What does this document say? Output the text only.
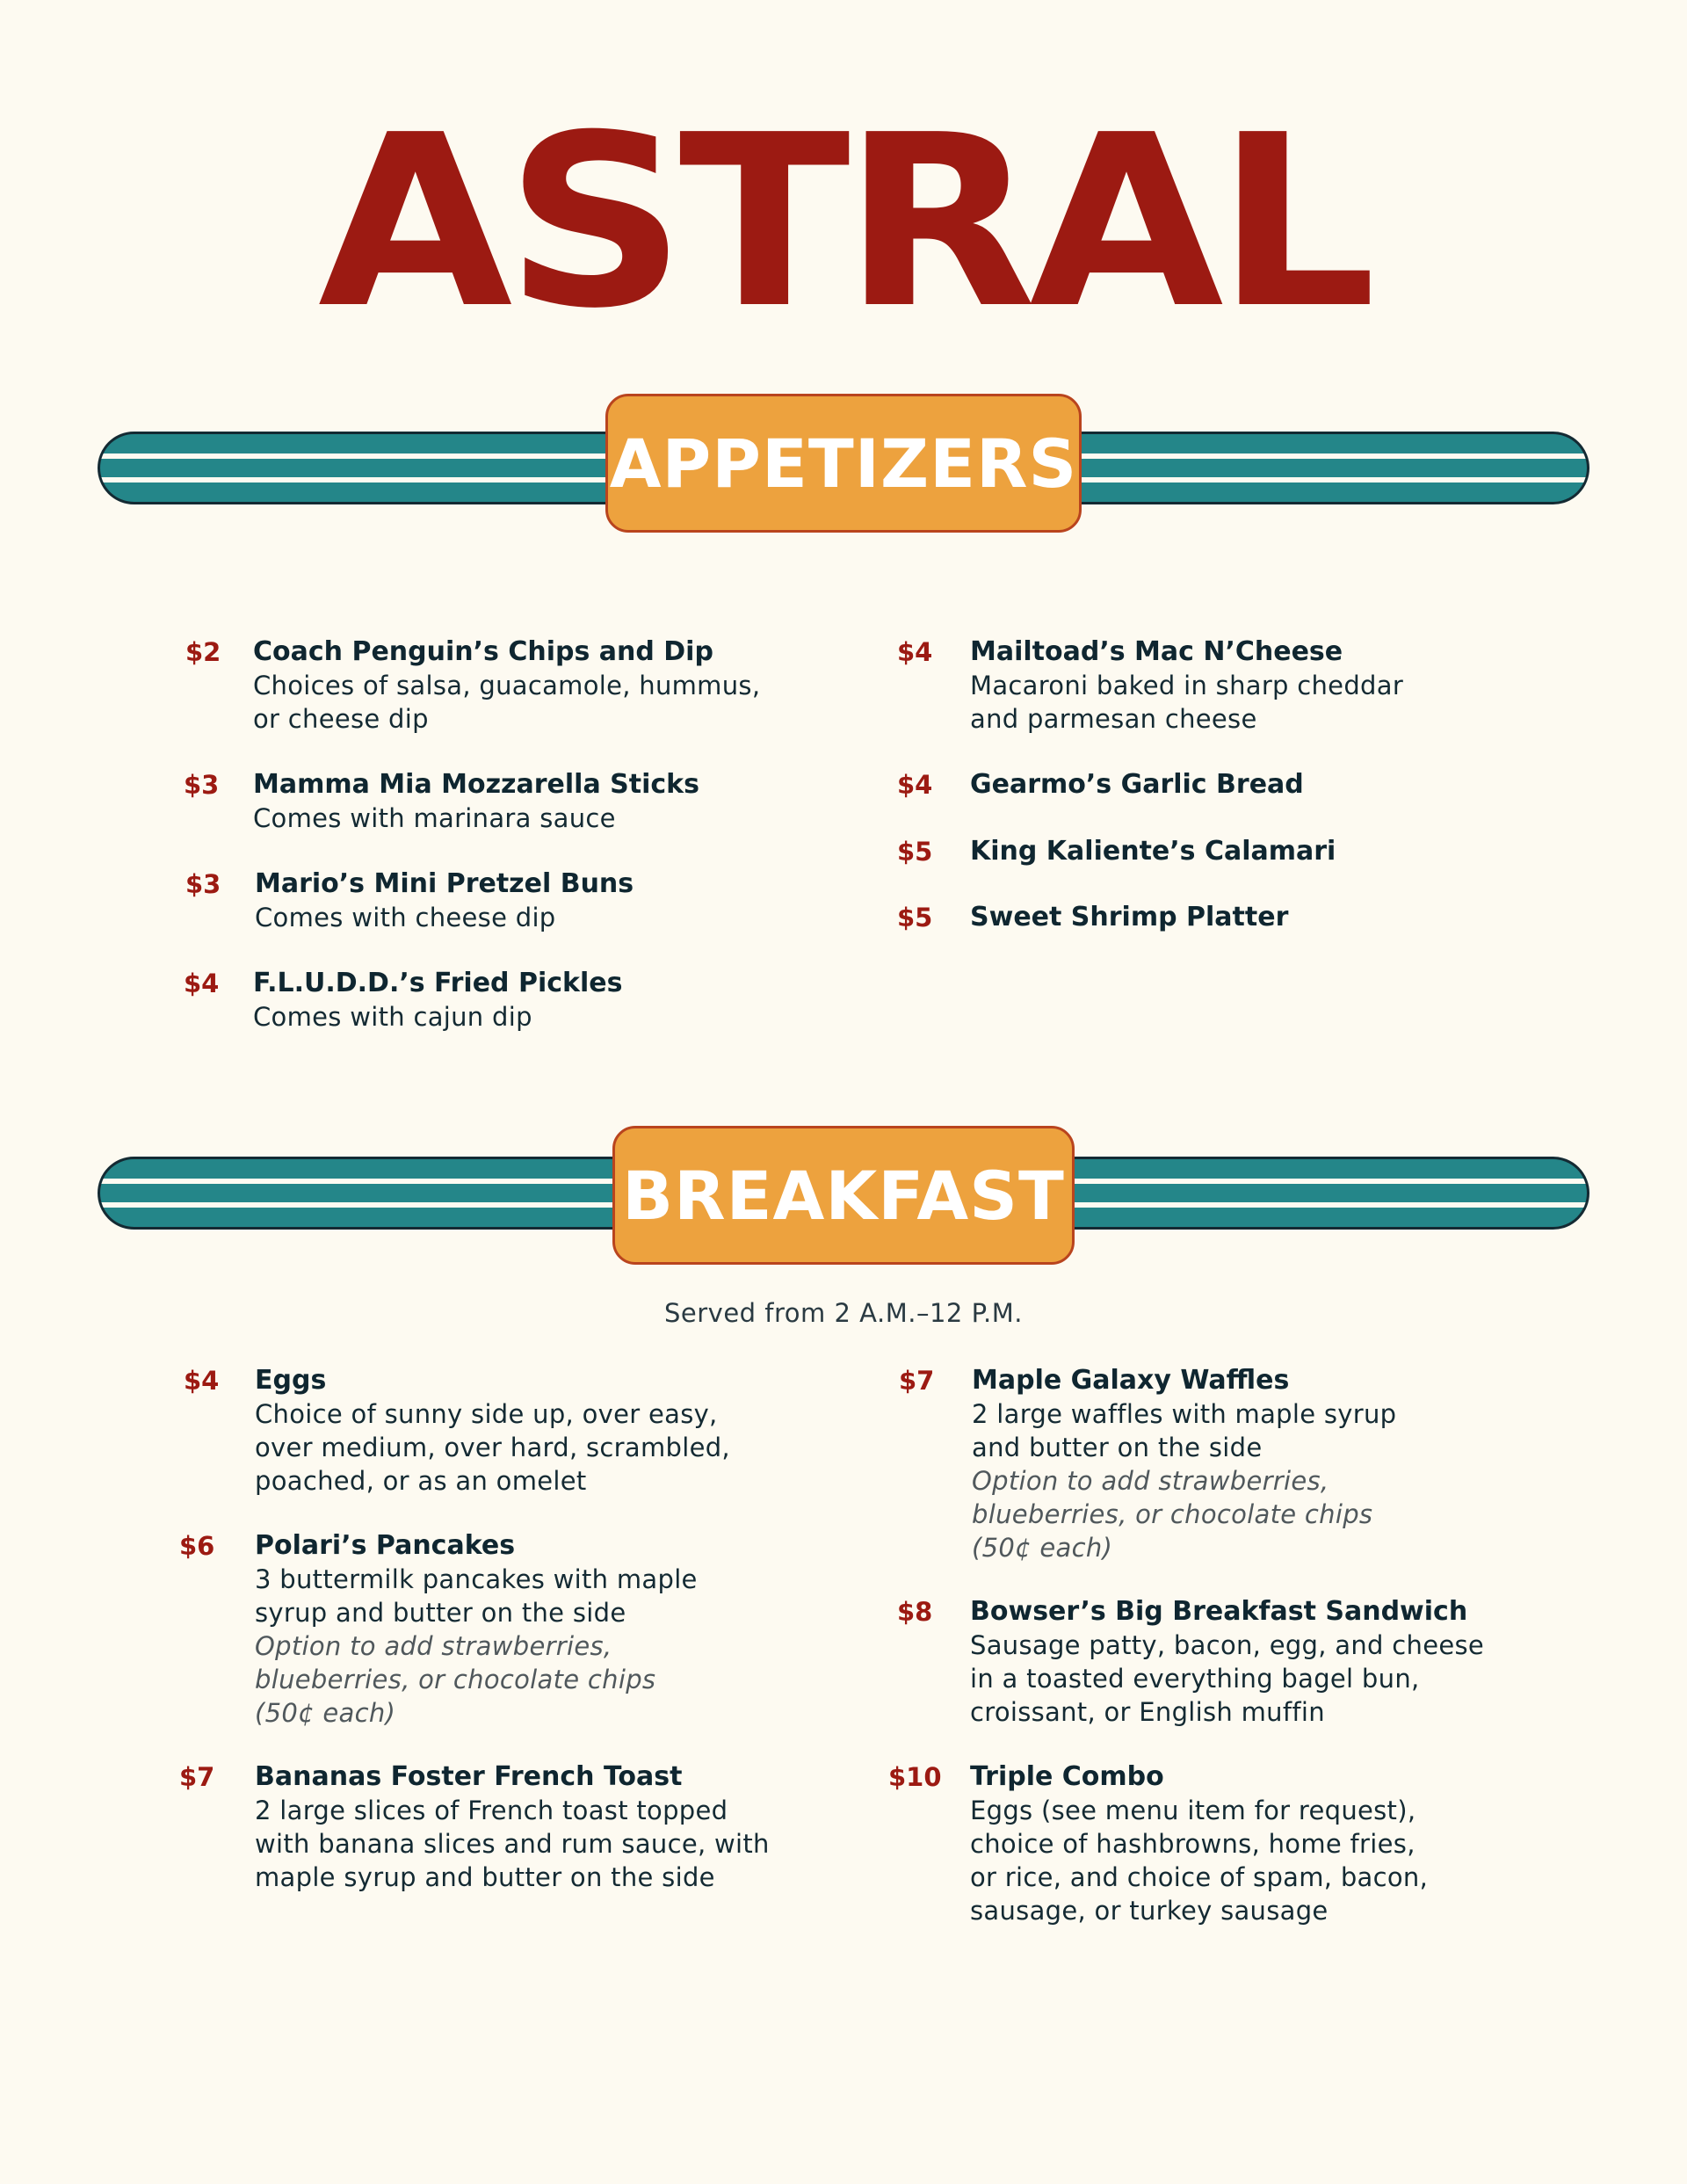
ASTRAL
APPETIZERS
$2 Coach Penguin’s Chips and Dip
Choices of salsa, guacamole, hummus,
or cheese dip
$3 Mamma Mia Mozzarella Sticks
Comes with marinara sauce
$3 Mario’s Mini Pretzel Buns
Comes with cheese dip
$4 F.L.U.D.D.’s Fried Pickles
Comes with cajun dip
$4 Mailtoad’s Mac N’Cheese
Macaroni baked in sharp cheddar
and parmesan cheese
$4 Gearmo’s Garlic Bread
$5 King Kaliente’s Calamari
$5 Sweet Shrimp Platter
BREAKFAST
Served from 2 A.M.–12 P.M.
$4 Eggs
Choice of sunny side up, over easy,
over medium, over hard, scrambled,
poached, or as an omelet
$6 Polari’s Pancakes
3 buttermilk pancakes with maple
syrup and butter on the side
Option to add strawberries,
blueberries, or chocolate chips
(50¢ each)
$7 Bananas Foster French Toast
2 large slices of French toast topped
with banana slices and rum sauce, with
maple syrup and butter on the side
$7 Maple Galaxy Waffles
2 large waffles with maple syrup
and butter on the side
Option to add strawberries,
blueberries, or chocolate chips
(50¢ each)
$8 Bowser’s Big Breakfast Sandwich
Sausage patty, bacon, egg, and cheese
in a toasted everything bagel bun,
croissant, or English muffin
$10 Triple Combo
Eggs (see menu item for request),
choice of hashbrowns, home fries,
or rice, and choice of spam, bacon,
sausage, or turkey sausage
